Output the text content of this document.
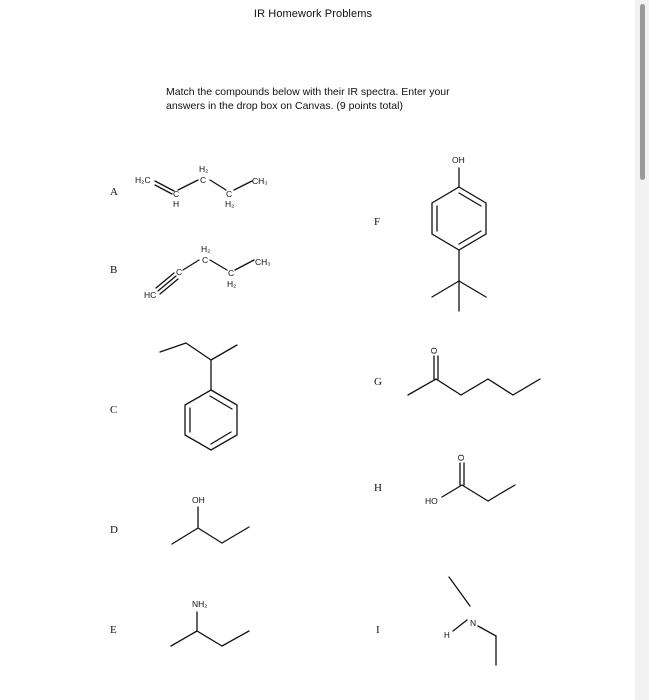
IR Homework Problems
Match the compounds below with their IR spectra. Enter your
answers in the drop box on Canvas. (9 points total)
A
B
C
D
E
F
G
H
I
H₂C
C
H
H₂
C
C
H₂
CH₃
HC
C
H₂
C
C
H₂
CH₃
OH
NH₂
OH
O
HO
O
N
H
